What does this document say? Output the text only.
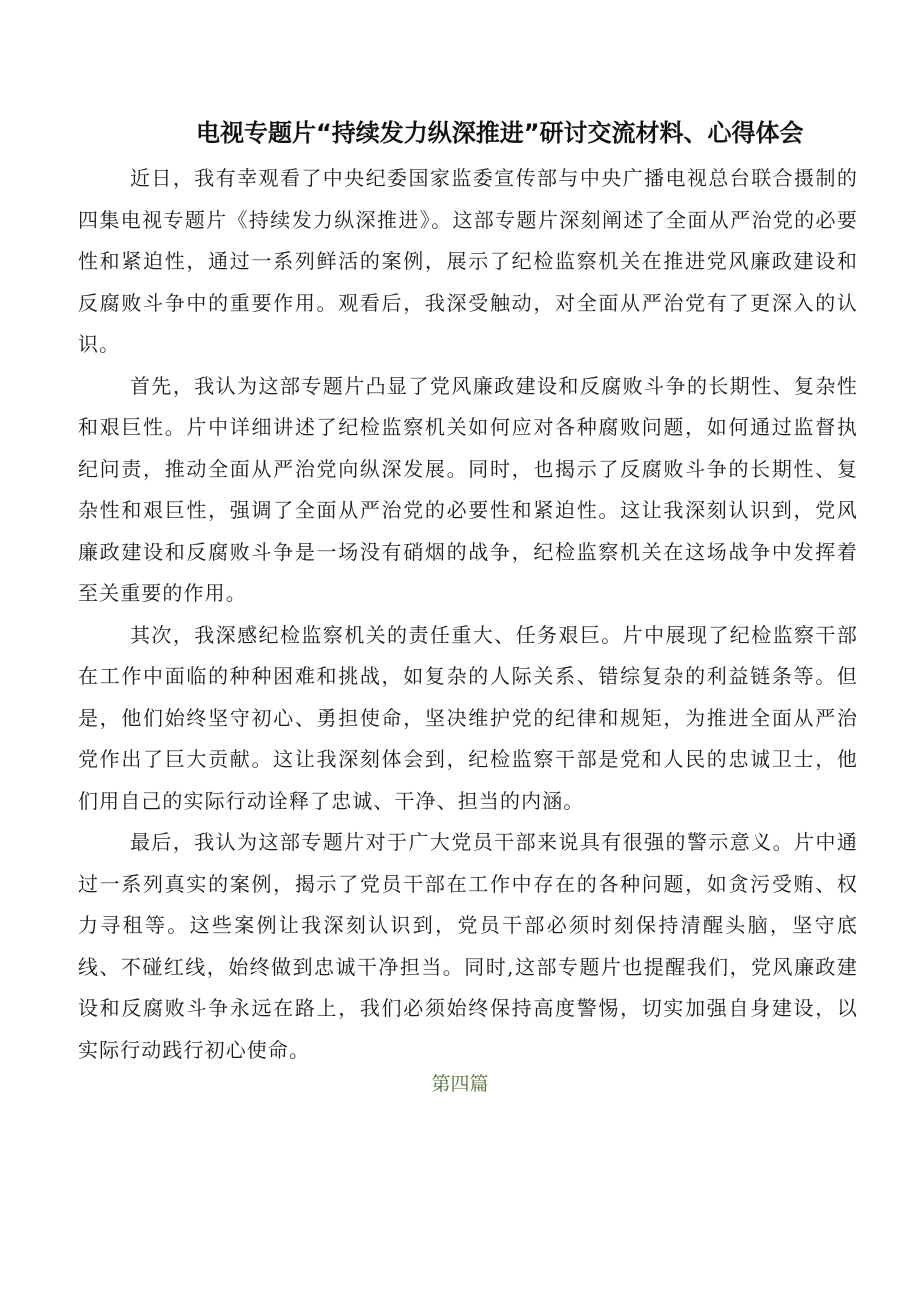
电视专题片“持续发力纵深推进”研讨交流材料、心得体会

近日，我有幸观看了中央纪委国家监委宣传部与中央广播电视总台联合摄制的四集电视专题片《持续发力纵深推进》。这部专题片深刻阐述了全面从严治党的必要性和紧迫性，通过一系列鲜活的案例，展示了纪检监察机关在推进党风廉政建设和反腐败斗争中的重要作用。观看后，我深受触动，对全面从严治党有了更深入的认识。

首先，我认为这部专题片凸显了党风廉政建设和反腐败斗争的长期性、复杂性和艰巨性。片中详细讲述了纪检监察机关如何应对各种腐败问题，如何通过监督执纪问责，推动全面从严治党向纵深发展。同时，也揭示了反腐败斗争的长期性、复杂性和艰巨性，强调了全面从严治党的必要性和紧迫性。这让我深刻认识到，党风廉政建设和反腐败斗争是一场没有硝烟的战争，纪检监察机关在这场战争中发挥着至关重要的作用。

其次，我深感纪检监察机关的责任重大、任务艰巨。片中展现了纪检监察干部在工作中面临的种种困难和挑战，如复杂的人际关系、错综复杂的利益链条等。但是，他们始终坚守初心、勇担使命，坚决维护党的纪律和规矩，为推进全面从严治党作出了巨大贡献。这让我深刻体会到，纪检监察干部是党和人民的忠诚卫士，他们用自己的实际行动诠释了忠诚、干净、担当的内涵。

最后，我认为这部专题片对于广大党员干部来说具有很强的警示意义。片中通过一系列真实的案例，揭示了党员干部在工作中存在的各种问题，如贪污受贿、权力寻租等。这些案例让我深刻认识到，党员干部必须时刻保持清醒头脑，坚守底线、不碰红线，始终做到忠诚干净担当。同时,这部专题片也提醒我们，党风廉政建设和反腐败斗争永远在路上，我们必须始终保持高度警惕，切实加强自身建设，以实际行动践行初心使命。

第四篇
